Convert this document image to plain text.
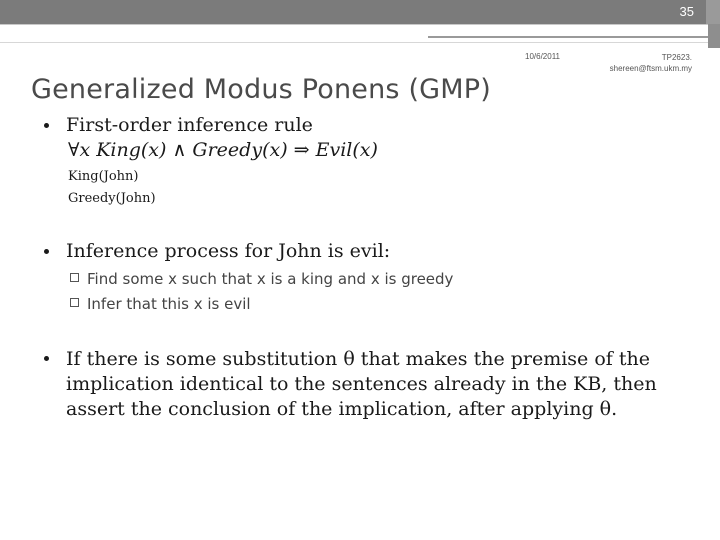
35
10/6/2011	TP2623.
shereen@ftsm.ukm.my
Generalized Modus Ponens (GMP)
First-order inference rule
∀x King(x) ∧ Greedy(x) ⇒ Evil(x)
King(John)
Greedy(John)
Inference process for John is evil:
Find some x such that x is a king and x is greedy
Infer that this x is evil
If there is some substitution θ that makes the premise of the implication identical to the sentences already in the KB, then assert the conclusion of the implication, after applying θ.
